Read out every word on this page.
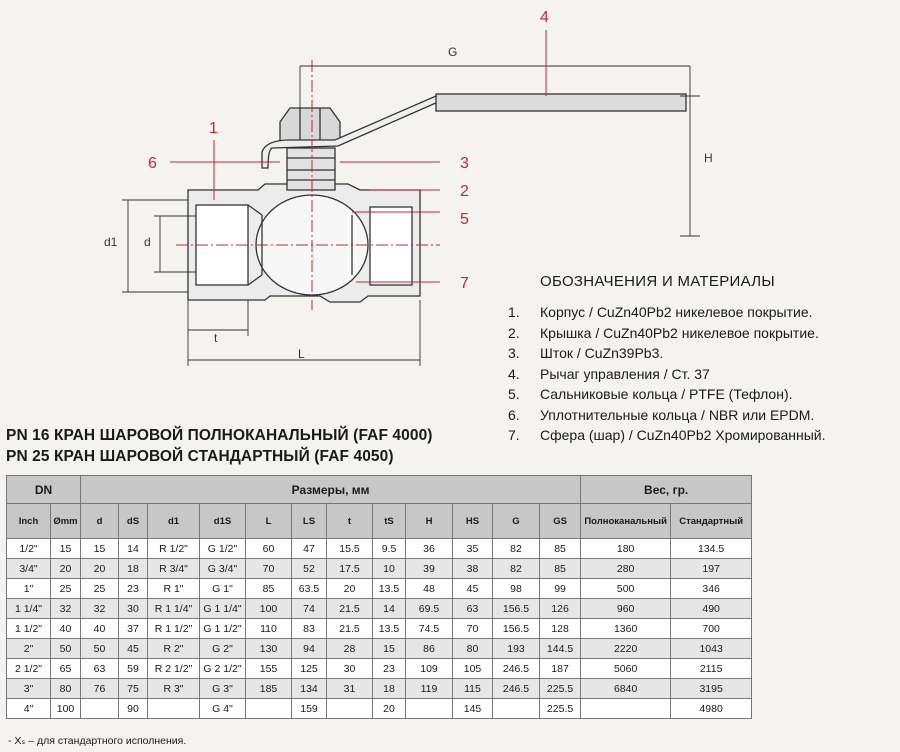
1
6	3
2
5
7
4
G
H
d1 d
t
L
ОБОЗНАЧЕНИЯ И МАТЕРИАЛЫ
1. Корпус / CuZn40Pb2 никелевое покрытие.
2. Крышка / CuZn40Pb2 никелевое покрытие.
3. Шток / CuZn39Pb3.
4. Рычаг управления / Ст. 37
5. Сальниковые кольца / PTFE (Тефлон).
6. Уплотнительные кольца / NBR или EPDM.
7. Сфера (шар) / CuZn40Pb2 Хромированный.
PN 16 КРАН ШАРОВОЙ ПОЛНОКАНАЛЬНЫЙ (FAF 4000)
PN 25 КРАН ШАРОВОЙ СТАНДАРТНЫЙ (FAF 4050)
DN		Размеры, мм												Вес, гр.	
Inch	Ømm	d	dS	d1	d1S	L	LS	t	tS	H	HS	G	GS	Полноканальный	Стандартный
1/2"	15	15	14	R 1/2"	G 1/2"	60	47	15.5	9.5	36	35	82	85	180	134.5
3/4"	20	20	18	R 3/4"	G 3/4"	70	52	17.5	10	39	38	82	85	280	197
1"	25	25	23	R 1"	G 1"	85	63.5	20	13.5	48	45	98	99	500	346
1 1/4"	32	32	30	R 1 1/4"	G 1 1/4"	100	74	21.5	14	69.5	63	156.5	126	960	490
1 1/2"	40	40	37	R 1 1/2"	G 1 1/2"	110	83	21.5	13.5	74.5	70	156.5	128	1360	700
2"	50	50	45	R 2"	G 2"	130	94	28	15	86	80	193	144.5	2220	1043
2 1/2"	65	63	59	R 2 1/2"	G 2 1/2"	155	125	30	23	109	105	246.5	187	5060	2115
3"	80	76	75	R 3"	G 3"	185	134	31	18	119	115	246.5	225.5	6840	3195
4"	100		90		G 4"		159		20		145		225.5		4980
- Xₛ – для стандартного исполнения.
